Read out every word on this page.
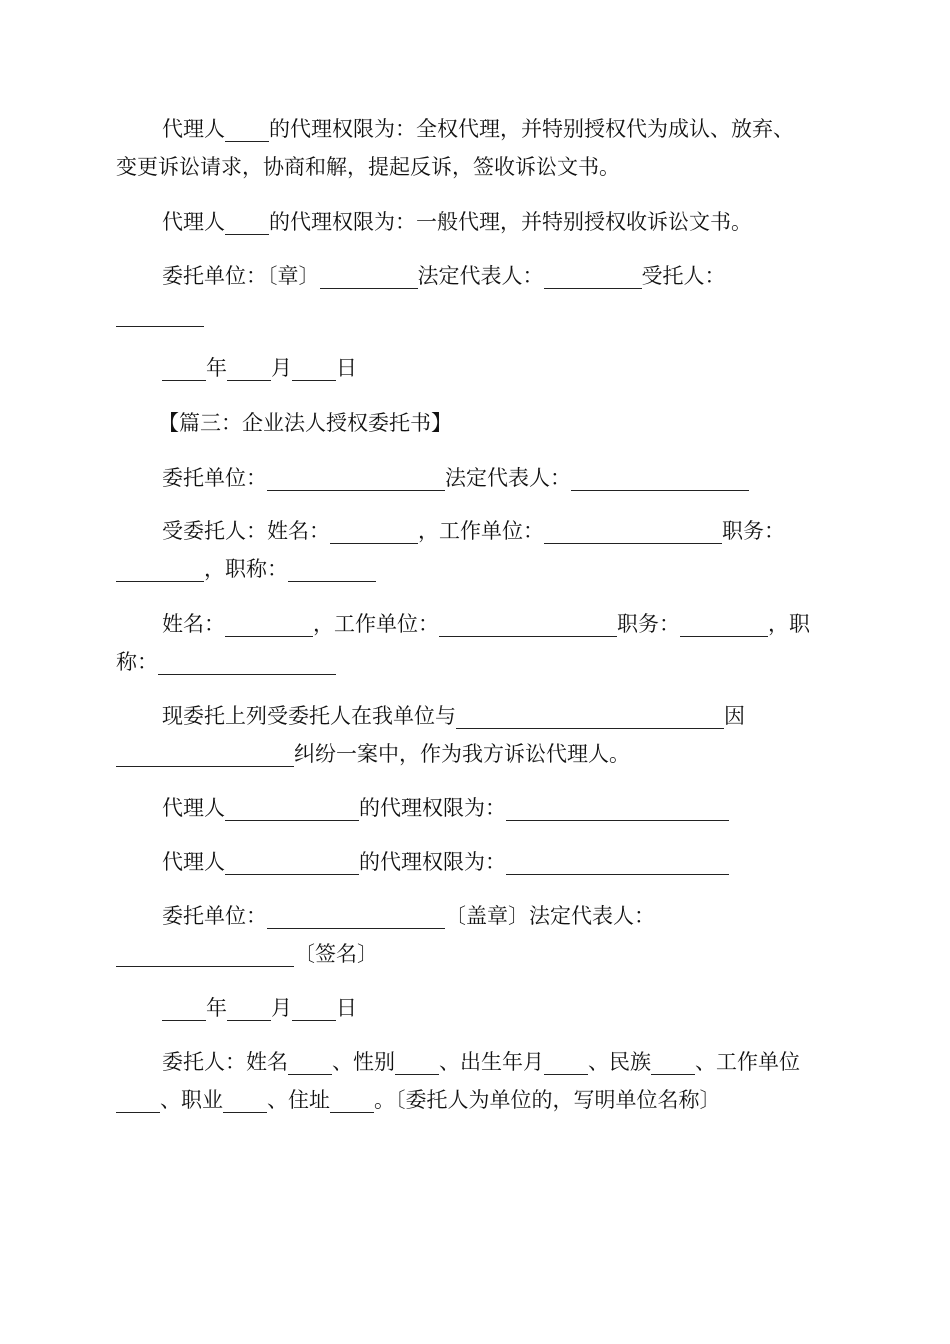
代理人 的代理权限为：全权代理，并特别授权代为成认、放弃、
变更诉讼请求，协商和解，提起反诉，签收诉讼文书。
代理人 的代理权限为：一般代理，并特别授权收诉讼文书。
委托单位：〔章〕	法定代表人：	受托人：
年 月 日
【篇三：企业法人授权委托书】
委托单位：	法定代表人：
受委托人：姓名：	，工作单位：	职务：
，职称：
姓名：	，工作单位：	职务：	，职
称：
现委托上列受委托人在我单位与	因
纠纷一案中，作为我方诉讼代理人。
代理人	的代理权限为：
代理人	的代理权限为：
委托单位：	〔盖章〕法定代表人：
〔签名〕
年 月 日
委托人：姓名 、性别 、出生年月 、民族 、工作单位
、职业 、住址 。〔委托人为单位的，写明单位名称〕
